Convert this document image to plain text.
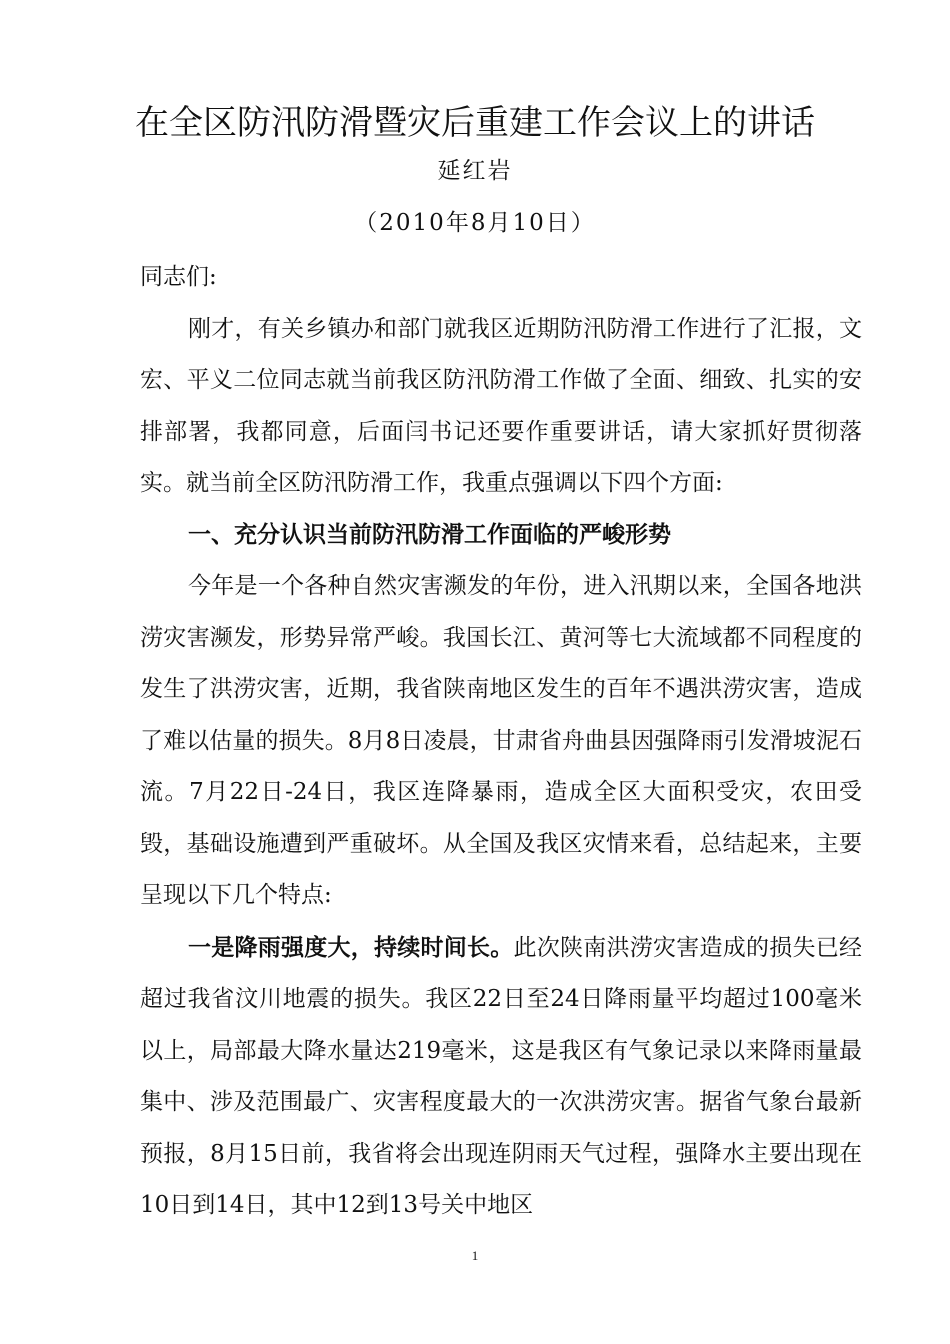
在全区防汛防滑暨灾后重建工作会议上的讲话
延红岩
（2010年8月10日）

同志们:

刚才，有关乡镇办和部门就我区近期防汛防滑工作进行了汇报，文宏、平义二位同志就当前我区防汛防滑工作做了全面、细致、扎实的安排部署，我都同意，后面闫书记还要作重要讲话，请大家抓好贯彻落实。就当前全区防汛防滑工作，我重点强调以下四个方面:

一、充分认识当前防汛防滑工作面临的严峻形势

今年是一个各种自然灾害濒发的年份，进入汛期以来，全国各地洪涝灾害濒发，形势异常严峻。我国长江、黄河等七大流域都不同程度的发生了洪涝灾害，近期，我省陕南地区发生的百年不遇洪涝灾害，造成了难以估量的损失。8月8日凌晨，甘肃省舟曲县因强降雨引发滑坡泥石流。7月22日-24日，我区连降暴雨，造成全区大面积受灾，农田受毁，基础设施遭到严重破坏。从全国及我区灾情来看，总结起来，主要呈现以下几个特点:

一是降雨强度大，持续时间长。此次陕南洪涝灾害造成的损失已经超过我省汶川地震的损失。我区22日至24日降雨量平均超过100毫米以上，局部最大降水量达219毫米，这是我区有气象记录以来降雨量最集中、涉及范围最广、灾害程度最大的一次洪涝灾害。据省气象台最新预报，8月15日前，我省将会出现连阴雨天气过程，强降水主要出现在10日到14日，其中12到13号关中地区

1
